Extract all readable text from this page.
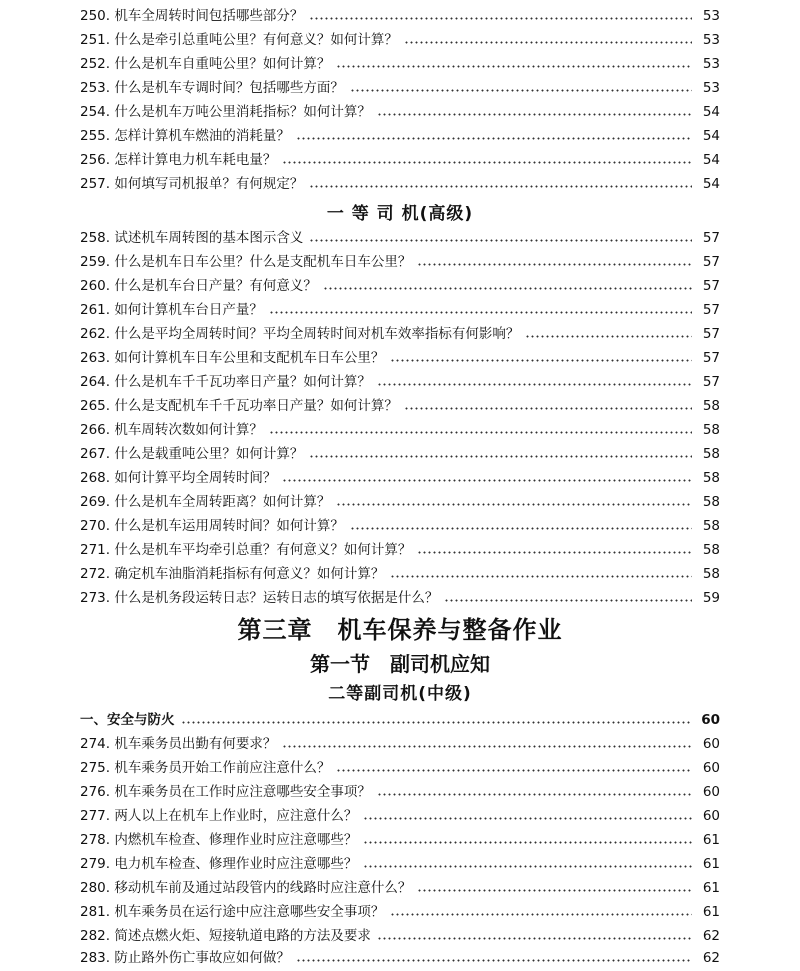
250. 机车全周转时间包括哪些部分？	53
251. 什么是牵引总重吨公里？有何意义？如何计算？	53
252. 什么是机车自重吨公里？如何计算？	53
253. 什么是机车专调时间？包括哪些方面？	53
254. 什么是机车万吨公里消耗指标？如何计算？	54
255. 怎样计算机车燃油的消耗量？	54
256. 怎样计算电力机车耗电量？	54
257. 如何填写司机报单？有何规定？	54
一 等 司 机(高级)
258. 试述机车周转图的基本图示含义	57
259. 什么是机车日车公里？什么是支配机车日车公里？	57
260. 什么是机车台日产量？有何意义？	57
261. 如何计算机车台日产量？	57
262. 什么是平均全周转时间？平均全周转时间对机车效率指标有何影响？	57
263. 如何计算机车日车公里和支配机车日车公里？	57
264. 什么是机车千千瓦功率日产量？如何计算？	57
265. 什么是支配机车千千瓦功率日产量？如何计算？	58
266. 机车周转次数如何计算？	58
267. 什么是载重吨公里？如何计算？	58
268. 如何计算平均全周转时间？	58
269. 什么是机车全周转距离？如何计算？	58
270. 什么是机车运用周转时间？如何计算？	58
271. 什么是机车平均牵引总重？有何意义？如何计算？	58
272. 确定机车油脂消耗指标有何意义？如何计算？	58
273. 什么是机务段运转日志？运转日志的填写依据是什么？	59
第三章　机车保养与整备作业
第一节　副司机应知
二等副司机(中级)
一、安全与防火	60
274. 机车乘务员出勤有何要求？	60
275. 机车乘务员开始工作前应注意什么？	60
276. 机车乘务员在工作时应注意哪些安全事项？	60
277. 两人以上在机车上作业时，应注意什么？	60
278. 内燃机车检查、修理作业时应注意哪些？	61
279. 电力机车检查、修理作业时应注意哪些？	61
280. 移动机车前及通过站段管内的线路时应注意什么？	61
281. 机车乘务员在运行途中应注意哪些安全事项？	61
282. 简述点燃火炬、短接轨道电路的方法及要求	62
283. 防止路外伤亡事故应如何做？	62
